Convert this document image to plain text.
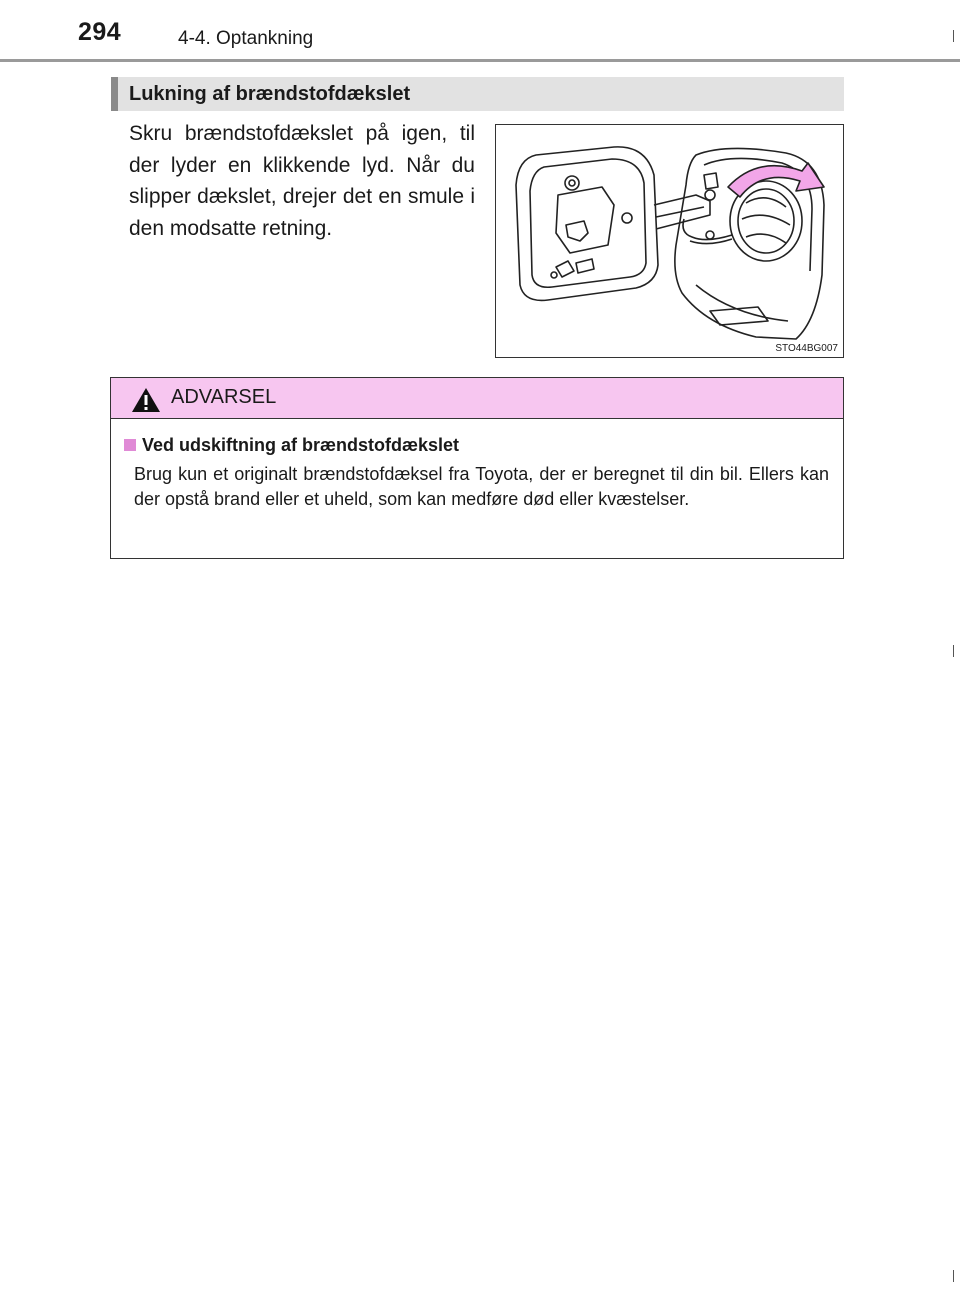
294	4-4. Optankning
Lukning af brændstofdækslet
Skru brændstofdækslet på igen, til der lyder en klikkende lyd. Når du slipper dækslet, drejer det en smule i den modsatte retning.
STO44BG007
ADVARSEL
Ved udskiftning af brændstofdækslet
Brug kun et originalt brændstofdæksel fra Toyota, der er beregnet til din bil. Ellers kan der opstå brand eller et uheld, som kan medføre død eller kvæstelser.
